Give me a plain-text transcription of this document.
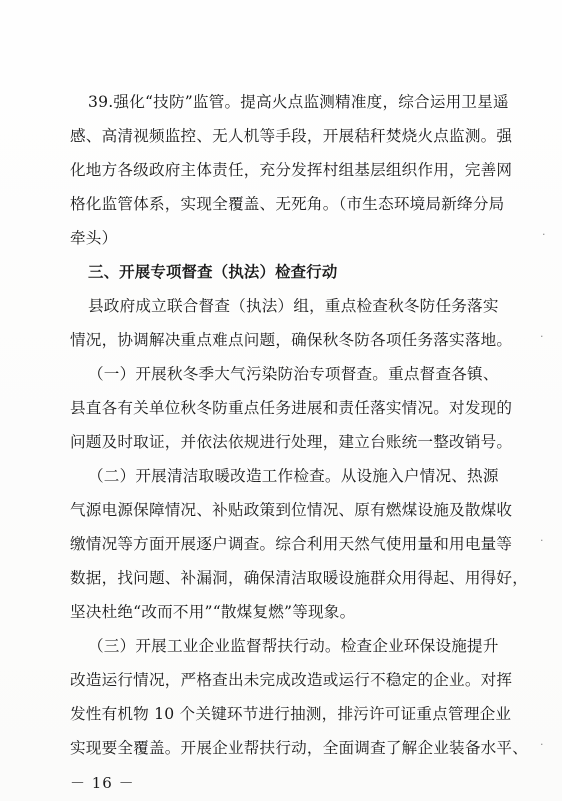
39.强化“技防”监管。提高火点监测精准度，综合运用卫星遥
感、高清视频监控、无人机等手段，开展秸秆焚烧火点监测。强
化地方各级政府主体责任，充分发挥村组基层组织作用，完善网
格化监管体系，实现全覆盖、无死角。（市生态环境局新绛分局
牵头）
三、开展专项督查（执法）检查行动
县政府成立联合督查（执法）组，重点检查秋冬防任务落实
情况，协调解决重点难点问题，确保秋冬防各项任务落实落地。
（一）开展秋冬季大气污染防治专项督查。重点督查各镇、
县直各有关单位秋冬防重点任务进展和责任落实情况。对发现的
问题及时取证，并依法依规进行处理，建立台账统一整改销号。
（二）开展清洁取暖改造工作检查。从设施入户情况、热源
气源电源保障情况、补贴政策到位情况、原有燃煤设施及散煤收
缴情况等方面开展逐户调查。综合利用天然气使用量和用电量等
数据，找问题、补漏洞，确保清洁取暖设施群众用得起、用得好，
坚决杜绝“改而不用”“散煤复燃”等现象。
（三）开展工业企业监督帮扶行动。检查企业环保设施提升
改造运行情况，严格查出未完成改造或运行不稳定的企业。对挥
发性有机物 10 个关键环节进行抽测，排污许可证重点管理企业
实现要全覆盖。开展企业帮扶行动，全面调查了解企业装备水平、
－ 16 －
·
·
·
·
